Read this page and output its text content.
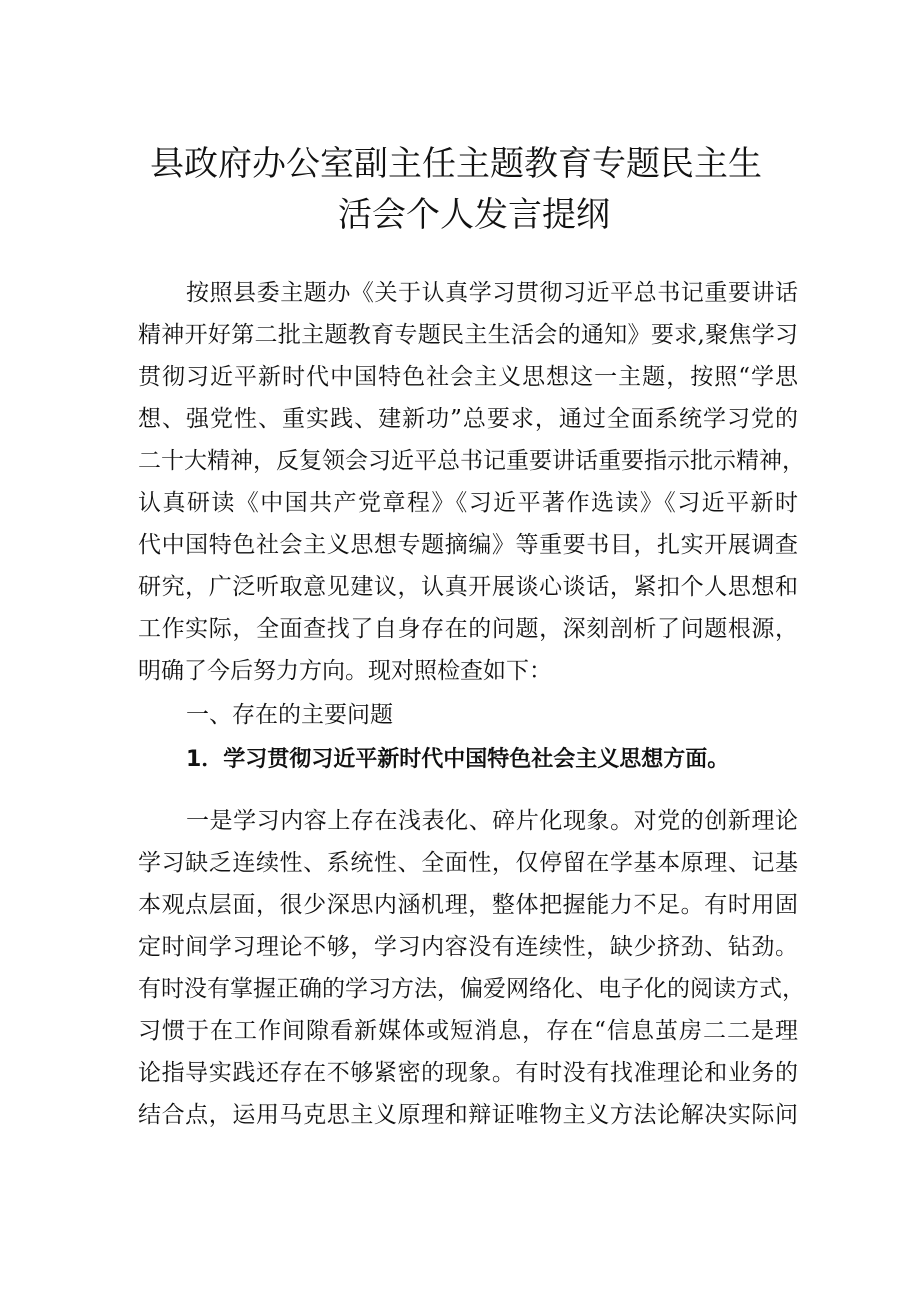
县政府办公室副主任主题教育专题民主生
活会个人发言提纲
按照县委主题办《关于认真学习贯彻习近平总书记重要讲话
精神开好第二批主题教育专题民主生活会的通知》要求,聚焦学习
贯彻习近平新时代中国特色社会主义思想这一主题，按照“学思
想、强党性、重实践、建新功”总要求，通过全面系统学习党的
二十大精神，反复领会习近平总书记重要讲话重要指示批示精神，
认真研读《中国共产党章程》《习近平著作选读》《习近平新时
代中国特色社会主义思想专题摘编》等重要书目，扎实开展调查
研究，广泛听取意见建议，认真开展谈心谈话，紧扣个人思想和
工作实际，全面查找了自身存在的问题，深刻剖析了问题根源，
明确了今后努力方向。现对照检查如下：
一、存在的主要问题
1．学习贯彻习近平新时代中国特色社会主义思想方面。
一是学习内容上存在浅表化、碎片化现象。对党的创新理论
学习缺乏连续性、系统性、全面性，仅停留在学基本原理、记基
本观点层面，很少深思内涵机理，整体把握能力不足。有时用固
定时间学习理论不够，学习内容没有连续性，缺少挤劲、钻劲。
有时没有掌握正确的学习方法，偏爱网络化、电子化的阅读方式，
习惯于在工作间隙看新媒体或短消息，存在“信息茧房二二是理
论指导实践还存在不够紧密的现象。有时没有找准理论和业务的
结合点，运用马克思主义原理和辩证唯物主义方法论解决实际问
